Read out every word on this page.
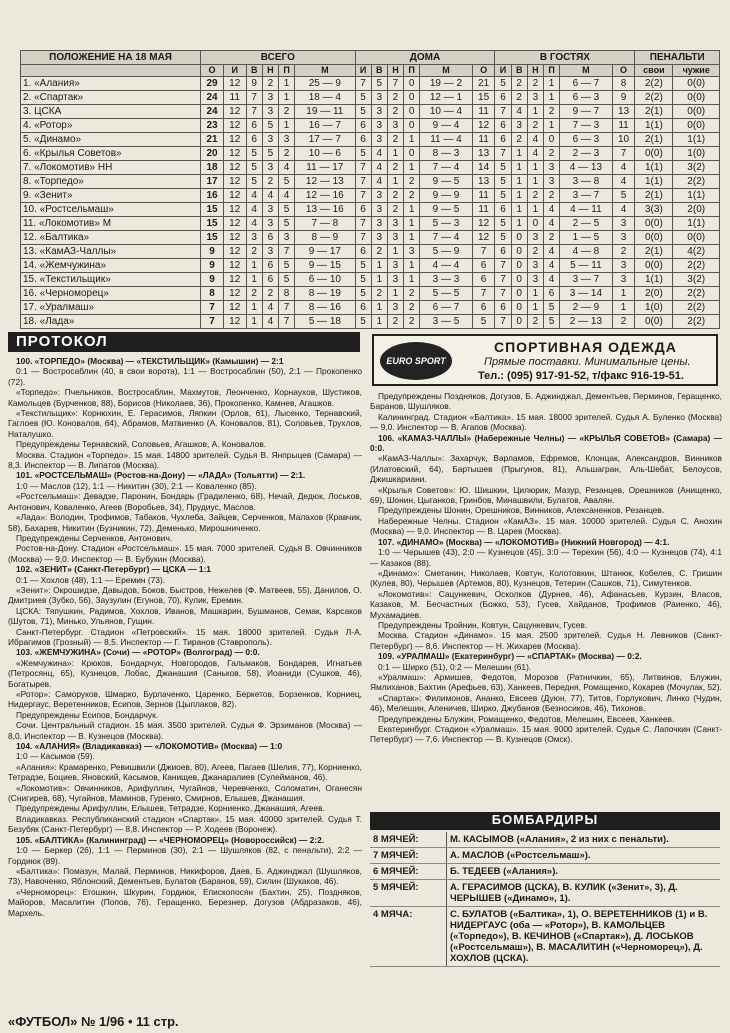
ПОЛОЖЕНИЕ НА 18 МАЯ	ВСЕГО						ДОМА						В ГОСТЯХ						ПЕНАЛЬТИ	
	О	И	В	Н	П	М	И	В	Н	П	М	О	И	В	Н	П	М	О	свои	чужие
1. «Алания»	29	12	9	2	1	25 — 9	7	5	7	0	19 — 2	21	5	2	2	1	6 — 7	8	2(2)	0(0)
2. «Спартак»	24	11	7	3	1	18 — 4	5	3	2	0	12 — 1	15	6	2	3	1	6 — 3	9	2(2)	0(0)
3. ЦСКА	24	12	7	3	2	19 — 11	5	3	2	0	10 — 4	11	7	4	1	2	9 — 7	13	2(1)	0(0)
4. «Ротор»	23	12	6	5	1	16 — 7	6	3	3	0	9 — 4	12	6	3	2	1	7 — 3	11	1(1)	0(0)
5. «Динамо»	21	12	6	3	3	17 — 7	6	3	2	1	11 — 4	11	6	2	4	0	6 — 3	10	2(1)	1(1)
6. «Крылья Советов»	20	12	5	5	2	10 — 6	5	4	1	0	8 — 3	13	7	1	4	2	2 — 3	7	0(0)	1(0)
7. «Локомотив» НН	18	12	5	3	4	11 — 17	7	4	2	1	7 — 4	14	5	1	1	3	4 — 13	4	1(1)	3(2)
8. «Торпедо»	17	12	5	2	5	12 — 13	7	4	1	2	9 — 5	13	5	1	1	3	3 — 8	4	1(1)	2(2)
9. «Зенит»	16	12	4	4	4	12 — 16	7	3	2	2	9 — 9	11	5	1	2	2	3 — 7	5	2(1)	1(1)
10. «Ростсельмаш»	15	12	4	3	5	13 — 16	6	3	2	1	9 — 5	11	6	1	1	4	4 — 11	4	3(3)	2(0)
11. «Локомотив» М	15	12	4	3	5	7 — 8	7	3	3	1	5 — 3	12	5	1	0	4	2 — 5	3	0(0)	1(1)
12. «Балтика»	15	12	3	6	3	8 — 9	7	3	3	1	7 — 4	12	5	0	3	2	1 — 5	3	0(0)	0(0)
13. «КамАЗ-Чаллы»	9	12	2	3	7	9 — 17	6	2	1	3	5 — 9	7	6	0	2	4	4 — 8	2	2(1)	4(2)
14. «Жемчужина»	9	12	1	6	5	9 — 15	5	1	3	1	4 — 4	6	7	0	3	4	5 — 11	3	0(0)	2(2)
15. «Текстильщик»	9	12	1	6	5	6 — 10	5	1	3	1	3 — 3	6	7	0	3	4	3 — 7	3	1(1)	3(2)
16. «Черноморец»	8	12	2	2	8	8 — 19	5	2	1	2	5 — 5	7	7	0	1	6	3 — 14	1	2(0)	2(2)
17. «Уралмаш»	7	12	1	4	7	8 — 16	6	1	3	2	6 — 7	6	6	0	1	5	2 — 9	1	1(0)	2(2)
18. «Лада»	7	12	1	4	7	5 — 18	5	1	2	2	3 — 5	5	7	0	2	5	2 — 13	2	0(0)	2(2)
ПРОТОКОЛ
EURO SPORT
СПОРТИВНАЯ ОДЕЖДА
Прямые поставки. Минимальные цены.
Тел.: (095) 917-91-52, т/факс 916-19-51.

100. «ТОРПЕДО» (Москва) — «ТЕКСТИЛЬЩИК» (Камышин) — 2:1

0:1 — Востросаблин (40, в свои ворота), 1:1 — Востросаблин (50), 2:1 — Прокопенко (72).

«Торпедо»: Пчельников, Востросаблин, Махмутов, Леонченко, Корнаухов, Шустиков, Камольцев (Бурченков, 88), Борисов (Николаев, 36), Прокопенко, Камнев, Агашков.

«Текстильщик»: Корнюхин, Е. Герасимов, Ляпкин (Орлов, 61), Лысенко, Тернавский, Гаглоев (Ю. Коновалов, 64), Абрамов, Матвиенко (А. Коновалов, 81), Соловьев, Трухлов, Наталушко.

Предупреждены Тернавский, Соловьев, Агашков, А. Коновалов.

Москва. Стадион «Торпедо». 15 мая. 14800 зрителей. Судья В. Янпрыцев (Самара) — 8,3. Инспектор — В. Липатов (Москва).

101. «РОСТСЕЛЬМАШ» (Ростов-на-Дону) — «ЛАДА» (Тольятти) — 2:1.

1:0 — Маслов (12), 1:1 — Никитин (30), 2:1 — Коваленко (85).

«Ростсельмаш»: Девадзе, Паронин, Бондарь (Градиленко, 68), Нечай, Дедюк, Лоськов, Антонович, Коваленко, Агеев (Воробьев, 34), Прудиус, Маслов.

«Лада»: Володин, Трофимов, Табаков, Чухлеба, Зайцев, Серченков, Малахов (Кравчик, 58), Бахарев, Никитин (Бузникин, 72), Деменько, Мирошниченко.

Предупреждены Серченков, Антонович.

Ростов-на-Дону. Стадион «Ростсельмаш». 15 мая. 7000 зрителей. Судья В. Овчинников (Москва) — 9,0. Инспектор — В. Бубукин (Москва).

102. «ЗЕНИТ» (Санкт-Петербург) — ЦСКА — 1:1

0:1 — Хохлов (48), 1:1 — Еремин (73).

«Зенит»: Окрошидзе, Давыдов, Боков, Быстров, Нежелев (Ф. Матвеев, 55), Данилов, О. Дмитриев (Зубко, 56), Заузулин (Егунов, 70), Кулик, Еремин.

ЦСКА: Тяпушкин, Радимов, Хохлов, Иванов, Машкарин, Бушманов, Семак, Карсаков (Шутов, 71), Минько, Ульянов, Гущин.

Санкт-Петербург. Стадион «Петровский». 15 мая. 18000 зрителей. Судья Л-А. Ибрагимов (Грозный) — 8,5. Инспектор — Г. Тиранов (Ставрополь).

103. «ЖЕМЧУЖИНА» (Сочи) — «РОТОР» (Волгоград) — 0:0.

«Жемчужина»: Крюков, Бондарчук, Новгородов, Гальмаков, Бондарев, Игнатьев (Петросянц, 65), Кузнецов, Лобас, Джанашия (Саньков, 58), Иоаниди (Сушков, 46), Богатырев.

«Ротор»: Саморуков, Шмарко, Бурлаченко, Царенко, Беркетов, Борзенков, Корниец, Нидергаус, Веретенников, Есипов, Зернов (Цыплаков, 82).

Предупреждены Есипов, Бондарчук.

Сочи. Центральный стадион. 15 мая. 3500 зрителей. Судья Ф. Эрзиманов (Москва) — 8,0. Инспектор — В. Кузнецов (Москва).

104. «АЛАНИЯ» (Владикавказ) — «ЛОКОМОТИВ» (Москва) — 1:0

1:0 — Касымов (59).

«Алания»: Крамаренко, Ревишвили (Джиоев, 80), Агеев, Пагаев (Шелия, 77), Корниенко, Тетрадзе, Боциев, Яновский, Касымов, Канищев, Джанаралиев (Сулейманов, 46).

«Локомотив»: Овчинников, Арифуллин, Чугайнов, Черевченко, Соломатин, Оганесян (Снигирев, 68), Чугайнов, Маминов, Гуренко, Смирнов, Елышев, Джанашия.

Предупреждены Арифуллин, Елышев, Тетрадзе, Корниенко, Джанашия, Агеев.

Владикавказ. Республиканский стадион «Спартак». 15 мая. 40000 зрителей. Судья Т. Безубяк (Санкт-Петербург) — 8,8. Инспектор — Р. Ходеев (Воронеж).

105. «БАЛТИКА» (Калининград) — «ЧЕРНОМОРЕЦ» (Новороссийск) — 2:2.

1:0 — Беркер (26), 1:1 — Перминов (30), 2:1 — Шушляков (82, с пенальти), 2:2 — Гордиюк (89).

«Балтика»: Помазун, Малай, Перминов, Никифоров, Даев, Б. Аджинджал (Шушляков, 73), Навоченко, Яблонский, Дементьев, Булатов (Баранов, 59), Силин (Шукаков, 46).

«Черноморец»: Егошкин, Шкурин, Гордиюк, Епископосян (Бахтин, 25), Поздняков, Майоров, Масалитин (Попов, 76), Геращенко, Березнер, Догузов (Абдразаков, 46), Мархель.

Предупреждены Поздняков, Догузов, Б. Аджинджал, Дементьев, Перминов, Геращенко, Баранов, Шушляков.

Калининград. Стадион «Балтика». 15 мая. 18000 зрителей. Судья А. Буленко (Москва) — 9,0. Инспектор — В. Агапов (Москва).

106. «КАМАЗ-ЧАЛЛЫ» (Набережные Челны) — «КРЫЛЬЯ СОВЕТОВ» (Самара) — 0:0.

«КамАЗ-Чаллы»: Захарчук, Варламов, Ефремов, Клонцак, Александров, Винников (Илатовский, 64), Бартышев (Прыгунов, 81), Альшагран, Аль-Шебат, Белоусов, Джишкариани.

«Крылья Советов»: Ю. Шишкин, Цилюрик, Мазур, Резанцев, Орешников (Анищенко, 69), Шонин, Цыганков, Гринбов, Минашвили, Булатов, Авалян.

Предупреждены Шонин, Орешников, Винников, Алексаненков, Резанцев.

Набережные Челны. Стадион «КамАЗ». 15 мая. 10000 зрителей. Судья С. Анохин (Москва) — 9,0. Инспектор — В. Царев (Москва).

107. «ДИНАМО» (Москва) — «ЛОКОМОТИВ» (Нижний Новгород) — 4:1.

1:0 — Черышев (43), 2:0 — Кузнецов (45), 3:0 — Терехин (56), 4:0 — Кузнецов (74), 4:1 — Казаков (88).

«Динамо»: Сметанин, Николаев, Ковтун, Колотовкин, Штанюк, Кобелев, С. Гришин (Кулев, 80), Черышев (Артемов, 80), Кузнецов, Тетерин (Сашков, 71), Симутенков.

«Локомотив»: Сацункевич, Осколков (Дурнев, 46), Афанасьев, Курзин, Власов, Казаков, М. Бесчастных (Божко, 53), Гусев, Хайданов, Трофимов (Раиенко, 46), Мухамадиев.

Предупреждены Тройнин, Ковтун, Сацункевич, Гусев.

Москва. Стадион «Динамо». 15 мая. 2500 зрителей. Судья Н. Левников (Санкт-Петербург) — 8,6. Инспектор — Н. Жихарев (Москва).

109. «УРАЛМАШ» (Екатеринбург) — «СПАРТАК» (Москва) — 0:2.

0:1 — Ширко (51), 0:2 — Мелешин (61).

«Уралмаш»: Армишев, Федотов, Морозов (Ратничкин, 65), Литвинов, Блужин, Ямлиханов, Бахтин (Арефьев, 63), Ханкеев, Передня, Ромащенко, Кокарев (Мочулак, 52).

«Спартак»: Филимонов, Ананко, Евсеев (Дуюн, 77), Титов, Горлукович, Линко (Чудин, 46), Мелешин, Аленичев, Ширко, Джубанов (Безносиков, 46), Тихонов.

Предупреждены Блужин, Ромащенко, Федотов, Мелешин, Евсеев, Ханкеев.

Екатеринбург. Стадион «Уралмаш». 15 мая. 9000 зрителей. Судья С. Лапочкин (Санкт-Петербург) — 7,6. Инспектор — В. Кузнецов (Омск).

БОМБАРДИРЫ
8 МЯЧЕЙ:	М. КАСЫМОВ («Алания», 2 из них с пенальти).
7 МЯЧЕЙ:	А. МАСЛОВ («Ростсельмаш»).
6 МЯЧЕЙ:	Б. ТЕДЕЕВ («Алания»).
5 МЯЧЕЙ:	А. ГЕРАСИМОВ (ЦСКА), В. КУЛИК («Зенит», 3), Д. ЧЕРЫШЕВ («Динамо», 1).
4 МЯЧА:	С. БУЛАТОВ («Балтика», 1), О. ВЕРЕТЕННИКОВ (1) и В. НИДЕРГАУС (оба — «Ротор»), В. КАМОЛЬЦЕВ («Торпедо»), В. КЕЧИНОВ («Спартак»), Д. ЛОСЬКОВ («Ростсельмаш»), В. МАСАЛИТИН («Черноморец»), Д. ХОХЛОВ (ЦСКА).
«ФУТБОЛ» № 1/96 • 11 стр.
